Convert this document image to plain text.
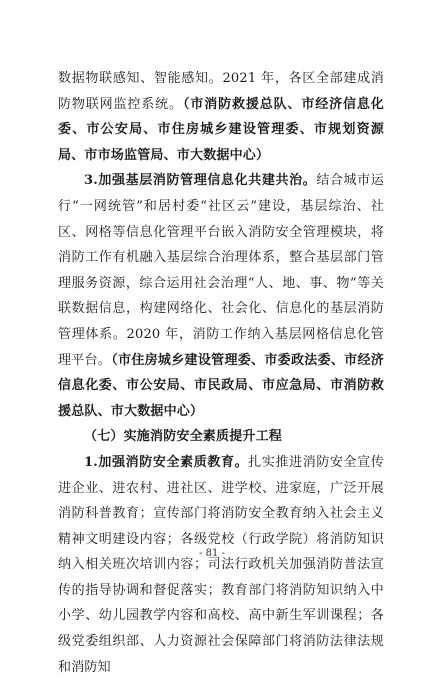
数据物联感知、智能感知。2021 年，各区全部建成消防物联网监控系统。（市消防救援总队、市经济信息化委、市公安局、市住房城乡建设管理委、市规划资源局、市市场监管局、市大数据中心）

3.加强基层消防管理信息化共建共治。结合城市运行“一网统管”和居村委“社区云”建设，基层综治、社区、网格等信息化管理平台嵌入消防安全管理模块，将消防工作有机融入基层综合治理体系，整合基层部门管理服务资源，综合运用社会治理“人、地、事、物”等关联数据信息，构建网络化、社会化、信息化的基层消防管理体系。2020 年，消防工作纳入基层网格信息化管理平台。（市住房城乡建设管理委、市委政法委、市经济信息化委、市公安局、市民政局、市应急局、市消防救援总队、市大数据中心）

（七）实施消防安全素质提升工程

1.加强消防安全素质教育。扎实推进消防安全宣传进企业、进农村、进社区、进学校、进家庭，广泛开展消防科普教育；宣传部门将消防安全教育纳入社会主义精神文明建设内容；各级党校（行政学院）将消防知识纳入相关班次培训内容；司法行政机关加强消防普法宣传的指导协调和督促落实；教育部门将消防知识纳入中小学、幼儿园教学内容和高校、高中新生军训课程；各级党委组织部、人力资源社会保障部门将消防法律法规和消防知

- 81 -
